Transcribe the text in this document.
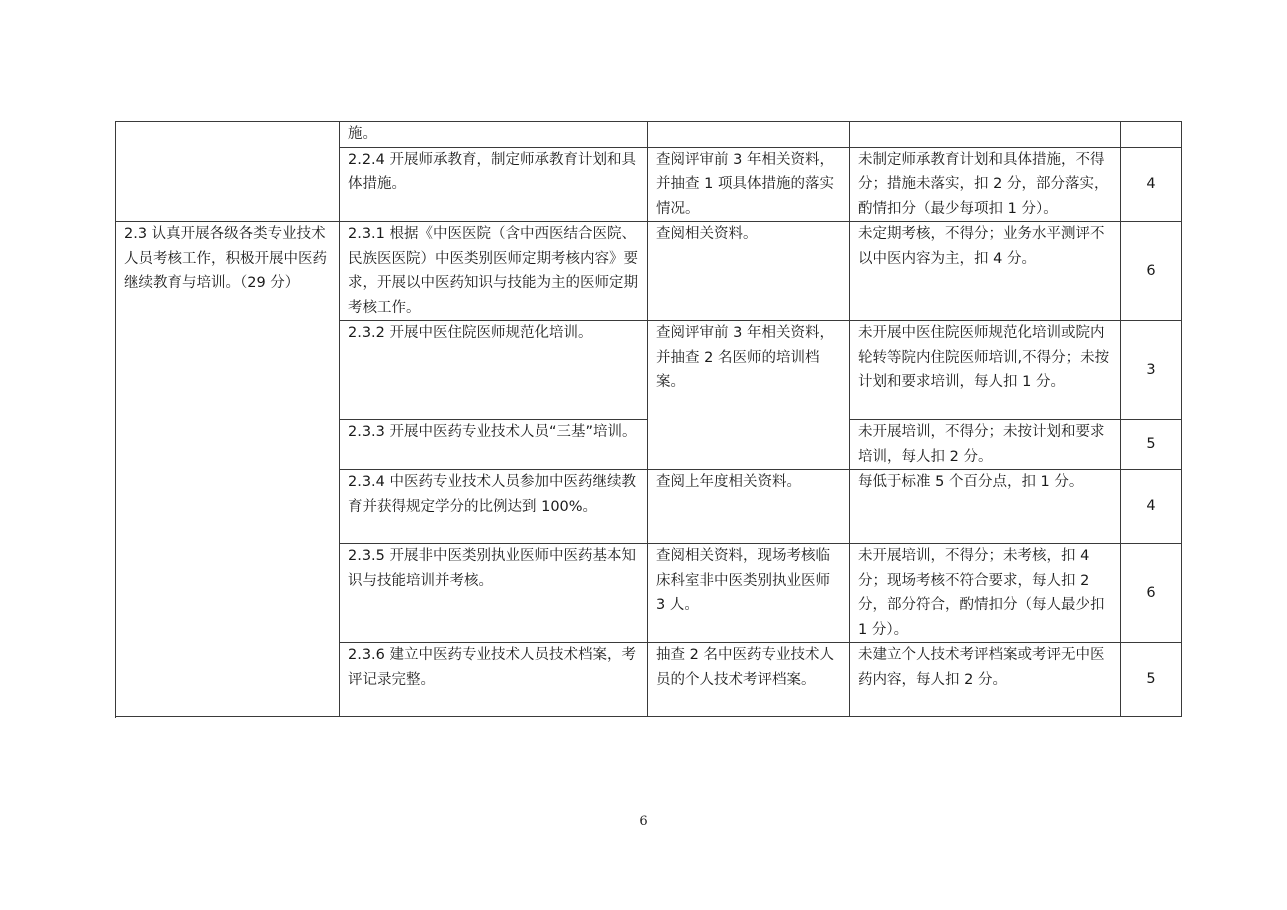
	施。			
	2.2.4 开展师承教育，制定师承教育计划和具体措施。	查阅评审前 3 年相关资料，并抽查 1 项具体措施的落实情况。	未制定师承教育计划和具体措施，不得分；措施未落实，扣 2 分，部分落实，酌情扣分（最少每项扣 1 分）。	4
2.3 认真开展各级各类专业技术人员考核工作，积极开展中医药继续教育与培训。（29 分）	2.3.1 根据《中医医院（含中西医结合医院、民族医医院）中医类别医师定期考核内容》要求，开展以中医药知识与技能为主的医师定期考核工作。	查阅相关资料。	未定期考核，不得分；业务水平测评不以中医内容为主，扣 4 分。	6
	2.3.2 开展中医住院医师规范化培训。	查阅评审前 3 年相关资料，并抽查 2 名医师的培训档案。	未开展中医住院医师规范化培训或院内轮转等院内住院医师培训,不得分；未按计划和要求培训，每人扣 1 分。	3
	2.3.3 开展中医药专业技术人员“三基”培训。		未开展培训，不得分；未按计划和要求培训，每人扣 2 分。	5
	2.3.4 中医药专业技术人员参加中医药继续教育并获得规定学分的比例达到 100%。	查阅上年度相关资料。	每低于标准 5 个百分点，扣 1 分。	4
	2.3.5 开展非中医类别执业医师中医药基本知识与技能培训并考核。	查阅相关资料，现场考核临床科室非中医类别执业医师 3 人。	未开展培训，不得分；未考核，扣 4 分；现场考核不符合要求，每人扣 2 分，部分符合，酌情扣分（每人最少扣 1 分）。	6
	2.3.6 建立中医药专业技术人员技术档案，考评记录完整。	抽查 2 名中医药专业技术人员的个人技术考评档案。	未建立个人技术考评档案或考评无中医药内容，每人扣 2 分。	5

6
